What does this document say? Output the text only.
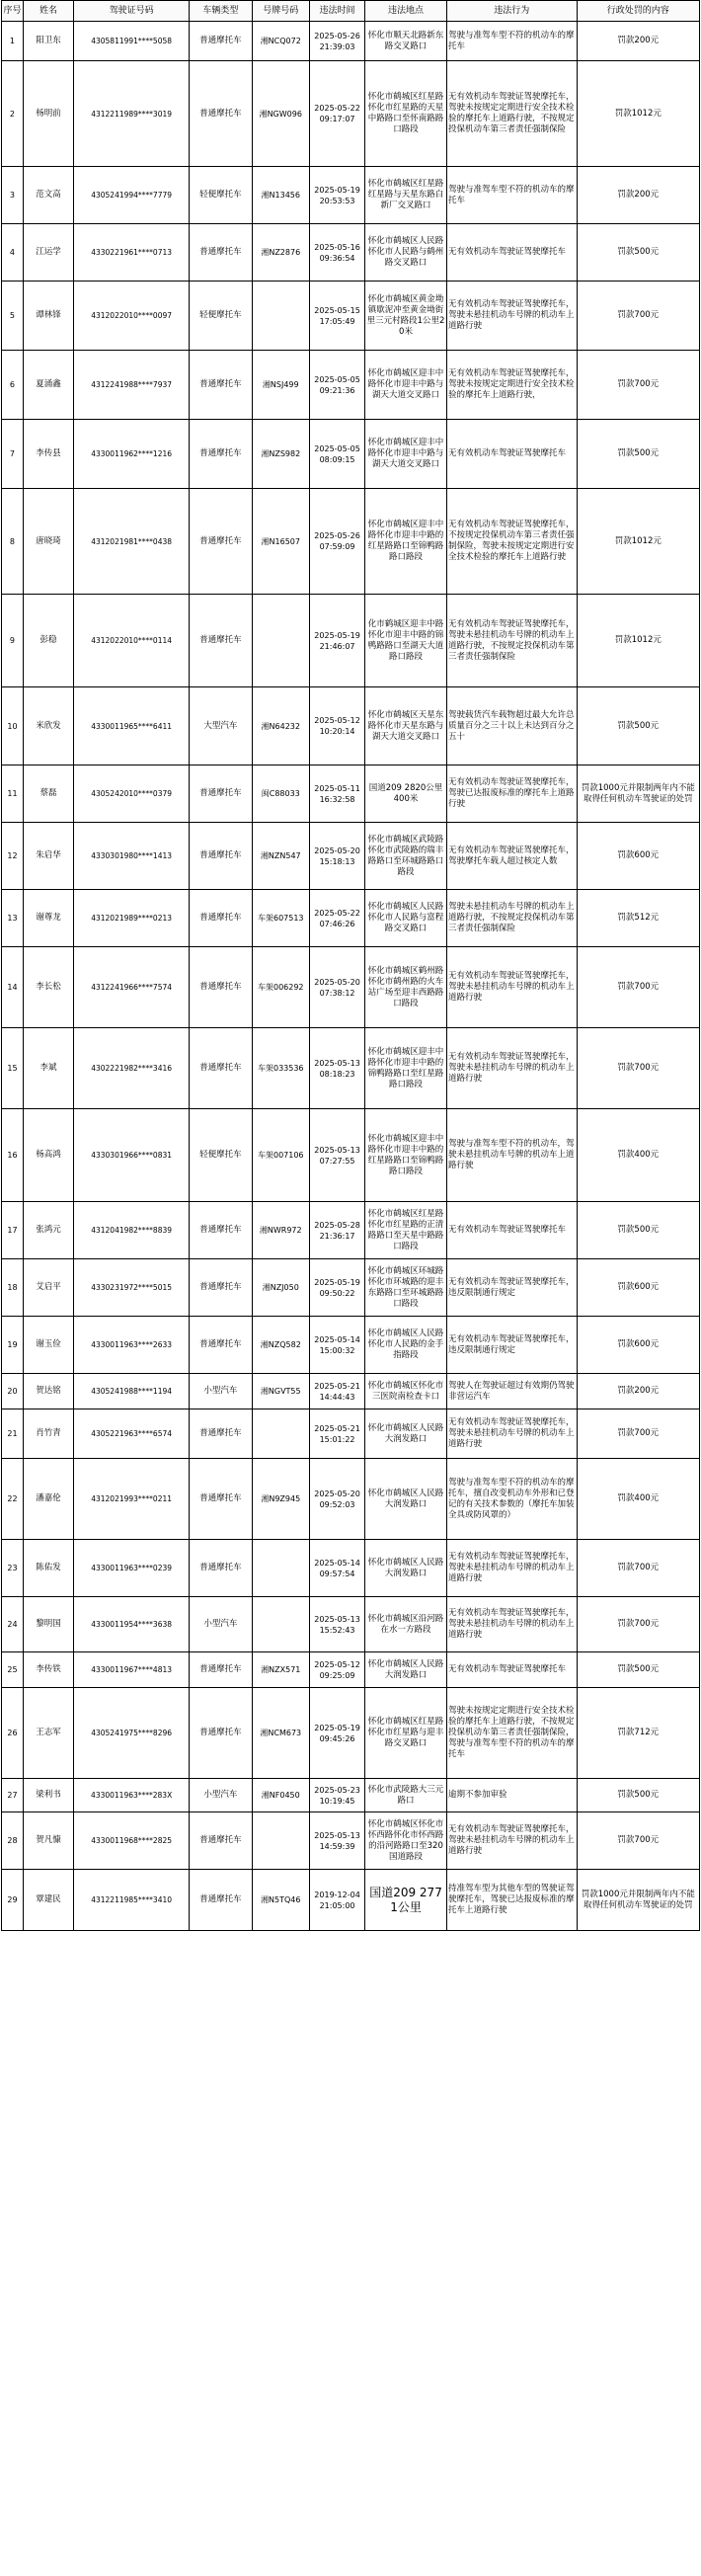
序号	姓名	驾驶证号码	车辆类型	号牌号码	违法时间	违法地点	违法行为	行政处罚的内容
1	阳卫东	4305811991****5058	普通摩托车	湘NCQ072	2025-05-26 21:39:03	怀化市顺天北路新东路交叉路口	驾驶与准驾车型不符的机动车的摩托车	罚款200元
2	杨明前	4312211989****3019	普通摩托车	湘NGW096	2025-05-22 09:17:07	怀化市鹤城区红星路怀化市红星路的天星中路路口至怀南路路口路段	无有效机动车驾驶证驾驶摩托车，驾驶未按规定定期进行安全技术检验的摩托车上道路行驶，不按规定投保机动车第三者责任强制保险	罚款1012元
3	范文高	4305241994****7779	轻便摩托车	湘N13456	2025-05-19 20:53:53	怀化市鹤城区红星路红星路与天星东路白新厂交叉路口	驾驶与准驾车型不符的机动车的摩托车	罚款200元
4	江运学	4330221961****0713	普通摩托车	湘NZ2876	2025-05-16 09:36:54	怀化市鹤城区人民路怀化市人民路与鹤州路交叉路口	无有效机动车驾驶证驾驶摩托车	罚款500元
5	谭林锋	4312022010****0097	轻便摩托车		2025-05-15 17:05:49	怀化市鹤城区黄金坳镇歇泥冲至黄金坳街里三元村路段1公里20米	无有效机动车驾驶证驾驶摩托车，驾驶未悬挂机动车号牌的机动车上道路行驶	罚款700元
6	夏涌鑫	4312241988****7937	普通摩托车	湘NSJ499	2025-05-05 09:21:36	怀化市鹤城区迎丰中路怀化市迎丰中路与湖天大道交叉路口	无有效机动车驾驶证驾驶摩托车，驾驶未按规定定期进行安全技术检验的摩托车上道路行驶，	罚款700元
7	李传县	4330011962****1216	普通摩托车	湘NZS982	2025-05-05 08:09:15	怀化市鹤城区迎丰中路怀化市迎丰中路与湖天大道交叉路口	无有效机动车驾驶证驾驶摩托车	罚款500元
8	唐晓琦	4312021981****0438	普通摩托车	湘N16507	2025-05-26 07:59:09	怀化市鹤城区迎丰中路怀化市迎丰中路的红星路路口至锦鸭路路口路段	无有效机动车驾驶证驾驶摩托车，不按规定投保机动车第三者责任强制保险，驾驶未按规定定期进行安全技术检验的摩托车上道路行驶	罚款1012元
9	彭稳	4312022010****0114	普通摩托车		2025-05-19 21:46:07	化市鹤城区迎丰中路怀化市迎丰中路的锦鸭路路口至湖天大道路口路段	无有效机动车驾驶证驾驶摩托车，驾驶未悬挂机动车号牌的机动车上道路行驶，不按规定投保机动车第三者责任强制保险	罚款1012元
10	米欣发	4330011965****6411	大型汽车	湘N64232	2025-05-12 10:20:14	怀化市鹤城区天星东路怀化市天星东路与湖天大道交叉路口	驾驶载货汽车载物超过最大允许总质量百分之三十以上未达到百分之五十	罚款500元
11	蔡磊	4305242010****0379	普通摩托车	闽C88033	2025-05-11 16:32:58	国道209 2820公里400米	无有效机动车驾驶证驾驶摩托车，驾驶已达报废标准的摩托车上道路行驶	罚款1000元并限制两年内不能取得任何机动车驾驶证的处罚
12	朱启华	4330301980****1413	普通摩托车	湘NZN547	2025-05-20 15:18:13	怀化市鹤城区武陵路怀化市武陵路的瑞丰路路口至环城路路口路段	无有效机动车驾驶证驾驶摩托车，驾驶摩托车载人超过核定人数	罚款600元
13	谢尊龙	4312021989****0213	普通摩托车	车架607513	2025-05-22 07:46:26	怀化市鹤城区人民路怀化市人民路与富程路交叉路口	驾驶未悬挂机动车号牌的机动车上道路行驶，不按规定投保机动车第三者责任强制保险	罚款512元
14	李长松	4312241966****7574	普通摩托车	车架006292	2025-05-20 07:38:12	怀化市鹤城区鹤州路怀化市鹤州路的火车站广场至迎丰西路路口路段	无有效机动车驾驶证驾驶摩托车，驾驶未悬挂机动车号牌的机动车上道路行驶	罚款700元
15	李斌	4302221982****3416	普通摩托车	车架033536	2025-05-13 08:18:23	怀化市鹤城区迎丰中路怀化市迎丰中路的锦鸭路路口至红星路路口路段	无有效机动车驾驶证驾驶摩托车，驾驶未悬挂机动车号牌的机动车上道路行驶	罚款700元
16	杨高鸿	4330301966****0831	轻便摩托车	车架007106	2025-05-13 07:27:55	怀化市鹤城区迎丰中路怀化市迎丰中路的红星路路口至锦鸭路路口路段	驾驶与准驾车型不符的机动车，驾驶未悬挂机动车号牌的机动车上道路行驶	罚款400元
17	张鸿元	4312041982****8839	普通摩托车	湘NWR972	2025-05-28 21:36:17	怀化市鹤城区红星路怀化市红星路的正清路路口至天星中路路口路段	无有效机动车驾驶证驾驶摩托车	罚款500元
18	艾启平	4330231972****5015	普通摩托车	湘NZJ050	2025-05-19 09:50:22	怀化市鹤城区环城路怀化市环城路的迎丰东路路口至环城路路口路段	无有效机动车驾驶证驾驶摩托车，违反限制通行规定	罚款600元
19	谢玉俭	4330011963****2633	普通摩托车	湘NZQ582	2025-05-14 15:00:32	怀化市鹤城区人民路怀化市人民路的金手指路段	无有效机动车驾驶证驾驶摩托车，违反限制通行规定	罚款600元
20	贺达铭	4305241988****1194	小型汽车	湘NGVT55	2025-05-21 14:44:43	怀化市鹤城区怀化市三医院南检查卡口	驾驶人在驾驶证超过有效期仍驾驶非营运汽车	罚款200元
21	肖竹青	4305221963****6574	普通摩托车		2025-05-21 15:01:22	怀化市鹤城区人民路大润发路口	无有效机动车驾驶证驾驶摩托车，驾驶未悬挂机动车号牌的机动车上道路行驶	罚款700元
22	潘嘉伦	4312021993****0211	普通摩托车	湘N9Z945	2025-05-20 09:52:03	怀化市鹤城区人民路大润发路口	驾驶与准驾车型不符的机动车的摩托车，擅自改变机动车外形和已登记的有关技术参数的（摩托车加装全具或防风罩的）	罚款400元
23	陈佑发	4330011963****0239	普通摩托车		2025-05-14 09:57:54	怀化市鹤城区人民路大润发路口	无有效机动车驾驶证驾驶摩托车，驾驶未悬挂机动车号牌的机动车上道路行驶	罚款700元
24	黎明国	4330011954****3638	小型汽车		2025-05-13 15:52:43	怀化市鹤城区沿河路在水一方路段	无有效机动车驾驶证驾驶摩托车，驾驶未悬挂机动车号牌的机动车上道路行驶	罚款700元
25	李传铁	4330011967****4813	普通摩托车	湘NZX571	2025-05-12 09:25:09	怀化市鹤城区人民路大润发路口	无有效机动车驾驶证驾驶摩托车	罚款500元
26	王志军	4305241975****8296	普通摩托车	湘NCM673	2025-05-19 09:45:26	怀化市鹤城区红星路怀化市红星路与迎丰路交叉路口	驾驶未按规定定期进行安全技术检验的摩托车上道路行驶，不按规定投保机动车第三者责任强制保险，驾驶与准驾车型不符的机动车的摩托车	罚款712元
27	梁利书	4330011963****283X	小型汽车	湘NF0450	2025-05-23 10:19:45	怀化市武陵路大三元路口	逾期不参加审验	罚款500元
28	贺凡慷	4330011968****2825	普通摩托车		2025-05-13 14:59:39	怀化市鹤城区怀化市怀西路怀化市怀西路的沿河路路口至320国道路段	无有效机动车驾驶证驾驶摩托车，驾驶未悬挂机动车号牌的机动车上道路行驶	罚款700元
29	覃建民	4312211985****3410	普通摩托车	湘N5TQ46	2019-12-04 21:05:00	国道209 2771公里	持准驾车型为其他车型的驾驶证驾驶摩托车，驾驶已达报废标准的摩托车上道路行驶	罚款1000元并限制两年内不能取得任何机动车驾驶证的处罚
